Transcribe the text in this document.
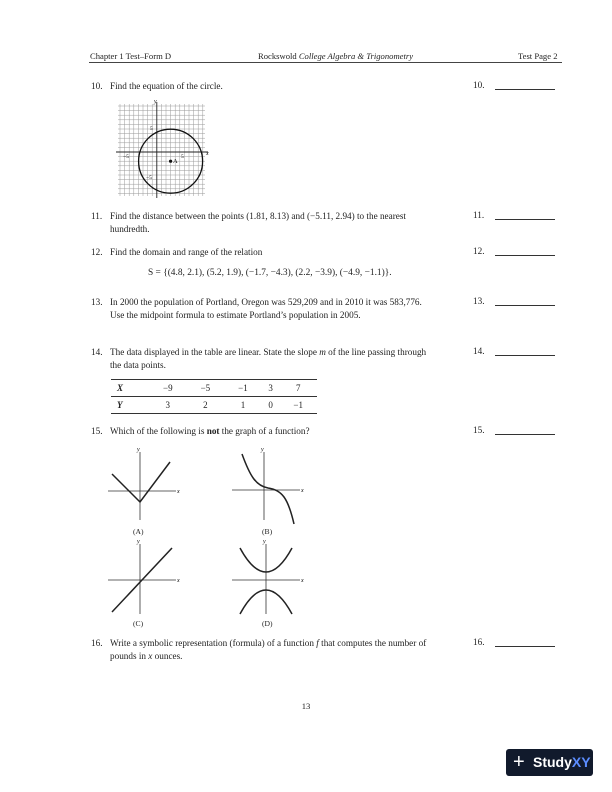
Chapter 1 Test–Form D	Rockswold College Algebra & Trigonometry	Test Page 2
10. Find the equation of the circle.	10.
A
x
y
5
−5
5
−5
11. Find the distance between the points (1.81, 8.13) and (−5.11, 2.94) to the nearest hundredth.
11.
12. Find the domain and range of the relation	12.
S = {(4.8, 2.1), (5.2, 1.9), (−1.7, −4.3), (2.2, −3.9), (−4.9, −1.1)}.
13. In 2000 the population of Portland, Oregon was 529,209 and in 2010 it was 583,776. Use the midpoint formula to estimate Portland’s population in 2005.
13.
14. The data displayed in the table are linear. State the slope m of the line passing through the data points.
14.
X	−9	−5	−1	3	7
Y	3	2	1	0	−1
15. Which of the following is not the graph of a function?	15.
x
y
(A)
x
y
(B)
x
y
(C)
x
y
(D)
16. Write a symbolic representation (formula) of a function f that computes the number of pounds in x ounces.
16.
13
+ StudyXY
